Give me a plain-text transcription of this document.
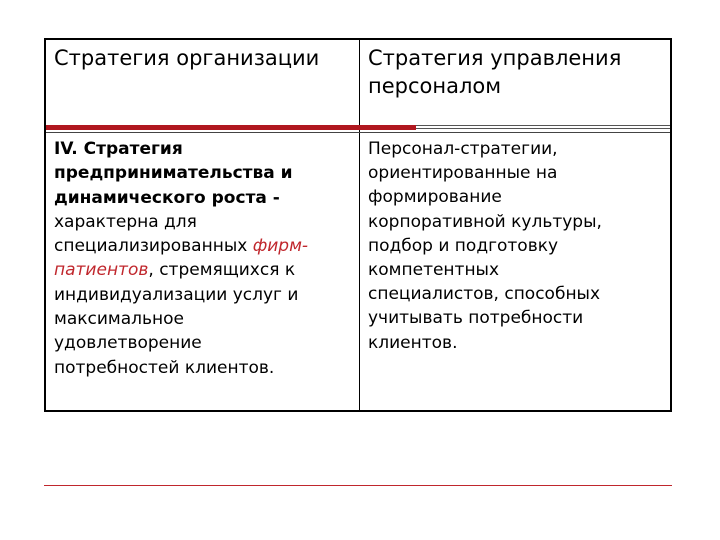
Стратегия организации Стратегия управления
персоналом
IV. Стратегия
предпринимательства и
динамического роста -
характерна для
специализированных фирм-
патиентов, стремящихся к
индивидуализации услуг и
максимальное
удовлетворение
потребностей клиентов.
Персонал-стратегии,
ориентированные на
формирование
корпоративной культуры,
подбор и подготовку
компетентных
специалистов, способных
учитывать потребности
клиентов.
